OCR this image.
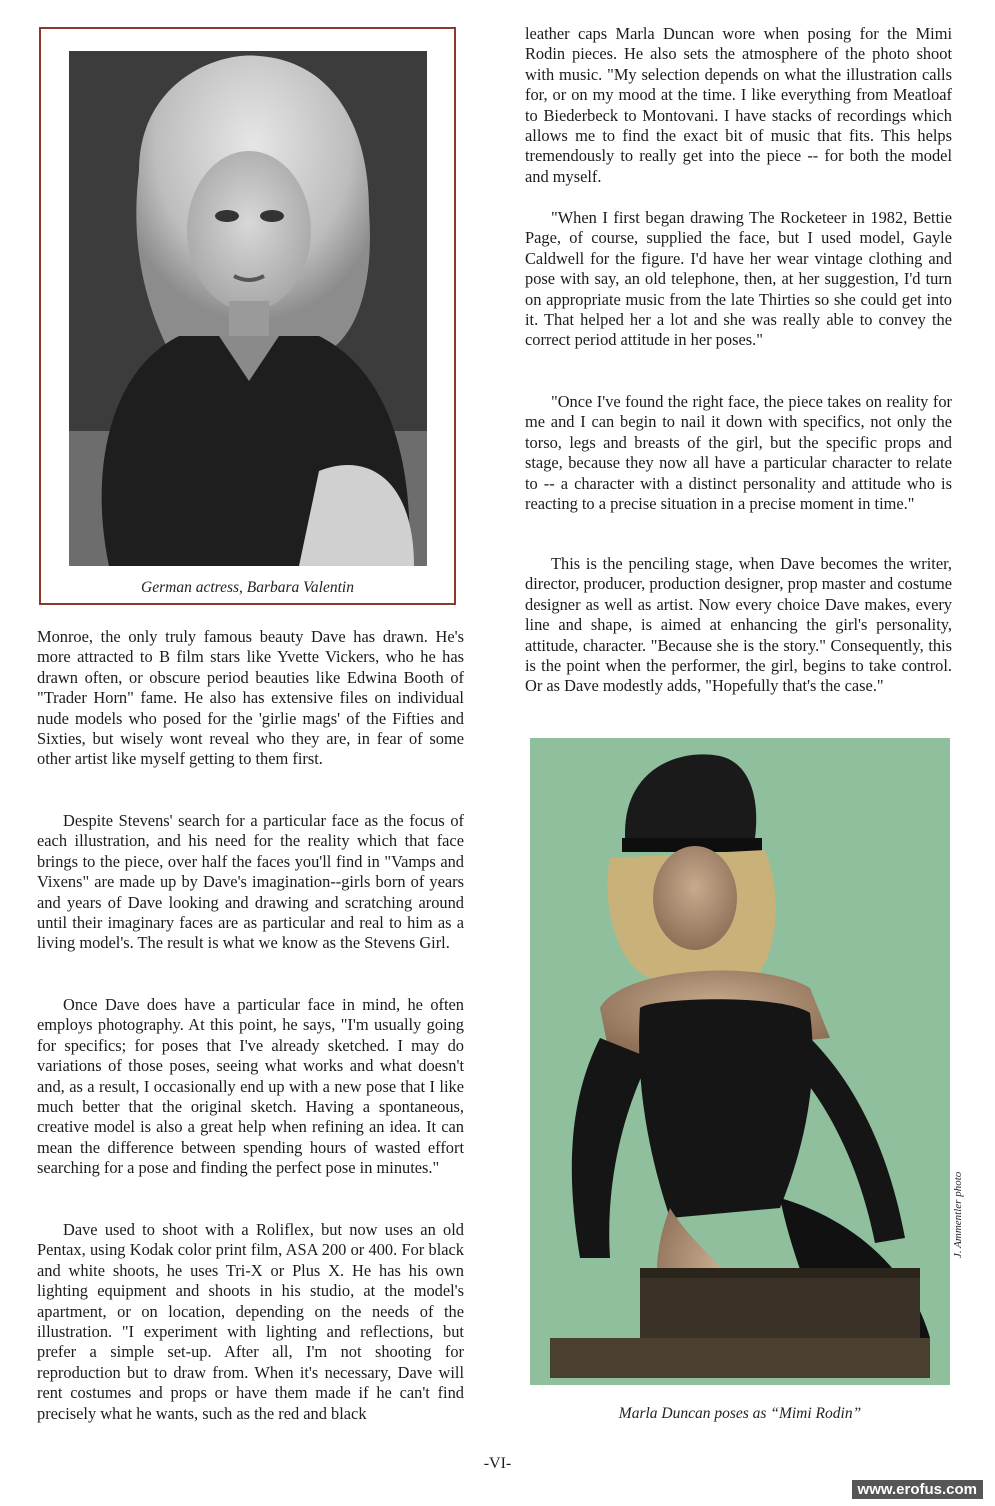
German actress, Barbara Valentin

Monroe, the only truly famous beauty Dave has drawn. He's more attracted to B film stars like Yvette Vickers, who he has drawn often, or obscure period beauties like Edwina Booth of "Trader Horn" fame. He also has extensive files on individual nude models who posed for the 'girlie mags' of the Fifties and Sixties, but wisely wont reveal who they are, in fear of some other artist like myself getting to them first.

Despite Stevens' search for a particular face as the focus of each illustration, and his need for the reality which that face brings to the piece, over half the faces you'll find in "Vamps and Vixens" are made up by Dave's imagination--girls born of years and years of Dave looking and drawing and scratching around until their imaginary faces are as particular and real to him as a living model's. The result is what we know as the Stevens Girl.

Once Dave does have a particular face in mind, he often employs photography. At this point, he says, "I'm usually going for specifics; for poses that I've already sketched. I may do variations of those poses, seeing what works and what doesn't and, as a result, I occasionally end up with a new pose that I like much better that the original sketch. Having a spontaneous, creative model is also a great help when refining an idea. It can mean the difference between spending hours of wasted effort searching for a pose and finding the perfect pose in minutes."

Dave used to shoot with a Roliflex, but now uses an old Pentax, using Kodak color print film, ASA 200 or 400. For black and white shoots, he uses Tri-X or Plus X. He has his own lighting equipment and shoots in his studio, at the model's apartment, or on location, depending on the needs of the illustration. "I experiment with lighting and reflections, but prefer a simple set-up. After all, I'm not shooting for reproduction but to draw from. When it's necessary, Dave will rent costumes and props or have them made if he can't find precisely what he wants, such as the red and black

leather caps Marla Duncan wore when posing for the Mimi Rodin pieces. He also sets the atmosphere of the photo shoot with music. "My selection depends on what the illustration calls for, or on my mood at the time. I like everything from Meatloaf to Biederbeck to Montovani. I have stacks of recordings which allows me to find the exact bit of music that fits. This helps tremendously to really get into the piece -- for both the model and myself.

"When I first began drawing The Rocketeer in 1982, Bettie Page, of course, supplied the face, but I used model, Gayle Caldwell for the figure. I'd have her wear vintage clothing and pose with say, an old telephone, then, at her suggestion, I'd turn on appropriate music from the late Thirties so she could get into it. That helped her a lot and she was really able to convey the correct period attitude in her poses."

"Once I've found the right face, the piece takes on reality for me and I can begin to nail it down with specifics, not only the torso, legs and breasts of the girl, but the specific props and stage, because they now all have a particular character to relate to -- a character with a distinct personality and attitude who is reacting to a precise situation in a precise moment in time."

This is the penciling stage, when Dave becomes the writer, director, producer, production designer, prop master and costume designer as well as artist. Now every choice Dave makes, every line and shape, is aimed at enhancing the girl's personality, attitude, character. "Because she is the story." Consequently, this is the point when the performer, the girl, begins to take control. Or as Dave modestly adds, "Hopefully that's the case."

J. Ammentler photo
Marla Duncan poses as “Mimi Rodin”
-VI-
www.erofus.com
